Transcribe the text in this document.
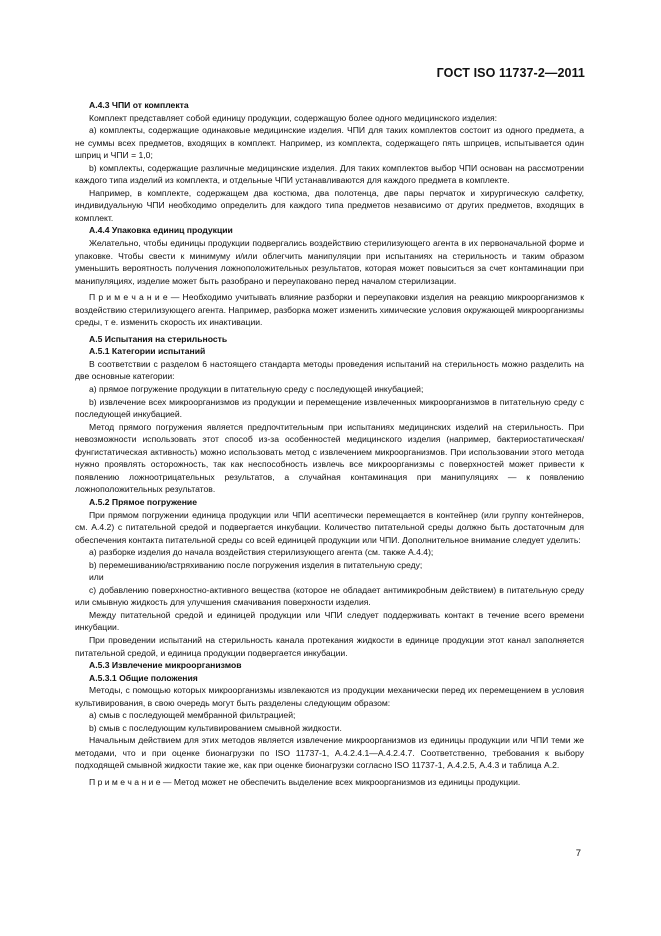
ГОСТ ISO 11737-2—2011

А.4.3 ЧПИ от комплекта

Комплект представляет собой единицу продукции, содержащую более одного медицинского изделия:

а) комплекты, содержащие одинаковые медицинские изделия. ЧПИ для таких комплектов состоит из одного предмета, а не суммы всех предметов, входящих в комплект. Например, из комплекта, содержащего пять шприцев, испытывается один шприц и ЧПИ = 1,0;

b) комплекты, содержащие различные медицинские изделия. Для таких комплектов выбор ЧПИ основан на рассмотрении каждого типа изделий из комплекта, и отдельные ЧПИ устанавливаются для каждого предмета в комплекте.

Например, в комплекте, содержащем два костюма, два полотенца, две пары перчаток и хирургическую салфетку, индивидуальную ЧПИ необходимо определить для каждого типа предметов независимо от других предметов, входящих в комплект.

А.4.4 Упаковка единиц продукции

Желательно, чтобы единицы продукции подвергались воздействию стерилизующего агента в их первоначальной форме и упаковке. Чтобы свести к минимуму и/или облегчить манипуляции при испытаниях на стерильность и таким образом уменьшить вероятность получения ложноположительных результатов, которая может повыситься за счет контаминации при манипуляциях, изделие может быть разобрано и переупаковано перед началом стерилизации.

П р и м е ч а н и е — Необходимо учитывать влияние разборки и переупаковки изделия на реакцию микроорганизмов к воздействию стерилизующего агента. Например, разборка может изменить химические условия окружающей микроорганизмы среды, т е. изменить скорость их инактивации.

А.5 Испытания на стерильность

А.5.1 Категории испытаний

В соответствии с разделом 6 настоящего стандарта методы проведения испытаний на стерильность можно разделить на две основные категории:

а) прямое погружение продукции в питательную среду с последующей инкубацией;

b) извлечение всех микроорганизмов из продукции и перемещение извлеченных микроорганизмов в питательную среду с последующей инкубацией.

Метод прямого погружения является предпочтительным при испытаниях медицинских изделий на стерильность. При невозможности использовать этот способ из-за особенностей медицинского изделия (например, бактериостатическая/фунгистатическая активность) можно использовать метод с извлечением микроорганизмов. При использовании этого метода нужно проявлять осторожность, так как неспособность извлечь все микроорганизмы с поверхностей может привести к появлению ложноотрицательных результатов, а случайная контаминация при манипуляциях — к появлению ложноположительных результатов.

А.5.2 Прямое погружение

При прямом погружении единица продукции или ЧПИ асептически перемещается в контейнер (или группу контейнеров, см. А.4.2) с питательной средой и подвергается инкубации. Количество питательной среды должно быть достаточным для обеспечения контакта питательной среды со всей единицей продукции или ЧПИ. Дополнительное внимание следует уделить:

а) разборке изделия до начала воздействия стерилизующего агента (см. также А.4.4);

b) перемешиванию/встряхиванию после погружения изделия в питательную среду;

или

с) добавлению поверхностно-активного вещества (которое не обладает антимикробным действием) в питательную среду или смывную жидкость для улучшения смачивания поверхности изделия.

Между питательной средой и единицей продукции или ЧПИ следует поддерживать контакт в течение всего времени инкубации.

При проведении испытаний на стерильность канала протекания жидкости в единице продукции этот канал заполняется питательной средой, и единица продукции подвергается инкубации.

А.5.3 Извлечение микроорганизмов

А.5.3.1 Общие положения

Методы, с помощью которых микроорганизмы извлекаются из продукции механически перед их перемещением в условия культивирования, в свою очередь могут быть разделены следующим образом:

а) смыв с последующей мембранной фильтрацией;

b) смыв с последующим культивированием смывной жидкости.

Начальным действием для этих методов является извлечение микроорганизмов из единицы продукции или ЧПИ теми же методами, что и при оценке бионагрузки по ISO 11737-1, А.4.2.4.1—А.4.2.4.7. Соответственно, требования к выбору подходящей смывной жидкости такие же, как при оценке бионагрузки согласно ISO 11737-1, А.4.2.5, А.4.3 и таблица А.2.

П р и м е ч а н и е — Метод может не обеспечить выделение всех микроорганизмов из единицы продукции.

7
